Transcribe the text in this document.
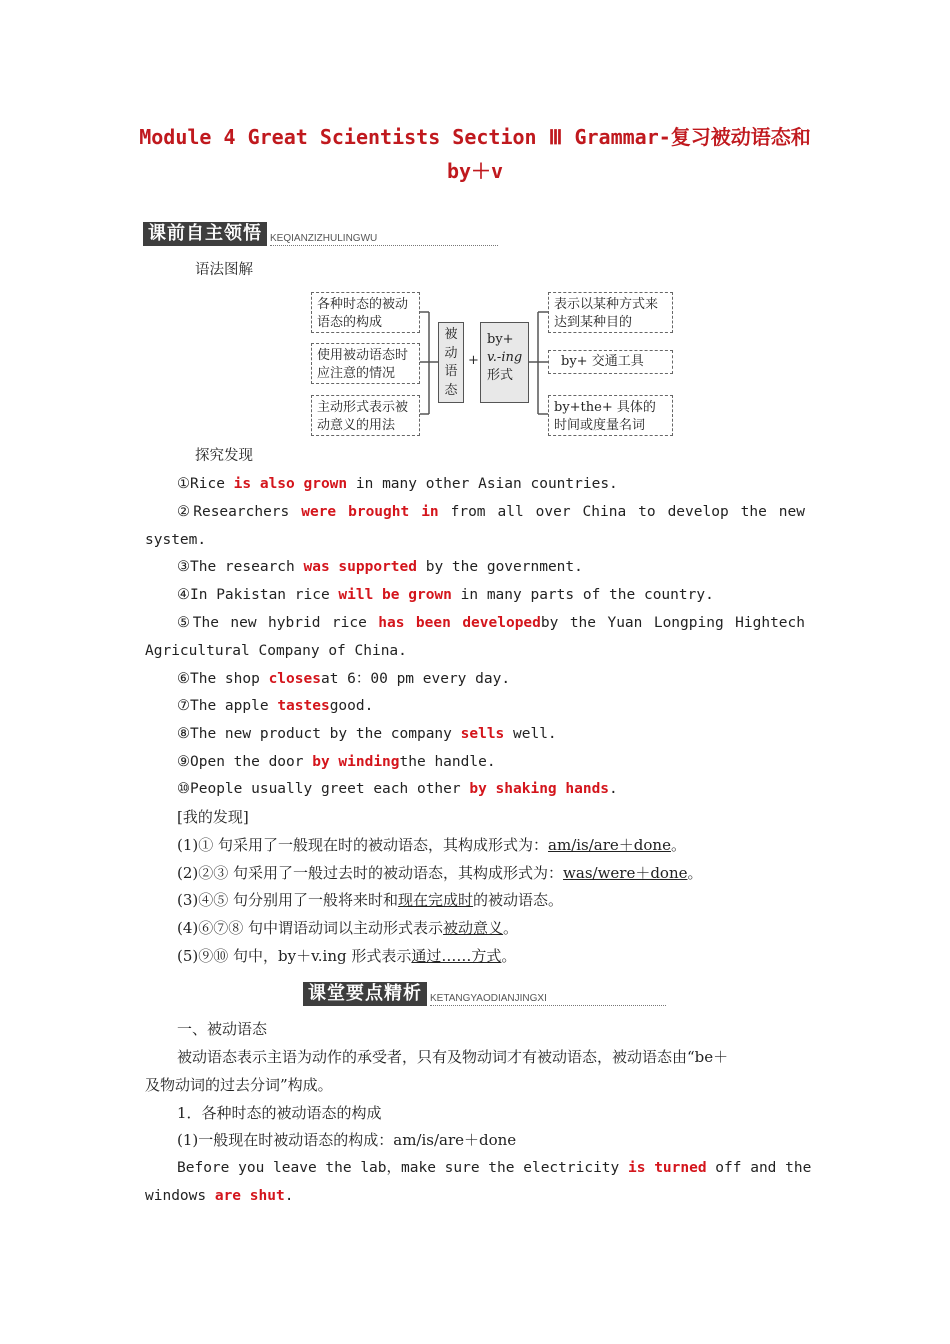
Module 4 Great Scientists Section Ⅲ Grammar-复习被动语态和
by＋v
课前自主领悟 KEQIANZIZHULINGWU
语法图解
各种时态的被动语态的构成
使用被动语态时应注意的情况
主动形式表示被动意义的用法
被动语态
+
by+
v.-ing
形式
表示以某种方式来达到某种目的
by+ 交通工具
by+the+ 具体的时间或度量名词
探究发现
①Rice is also grown in many other Asian countries.
②Researchers were brought in from all over China to develop the new
system.
③The research was supported by the government.
④In Pakistan rice will be grown in many parts of the country.
⑤The new hybrid rice has been developedby the Yuan Longping Hightech
Agricultural Company of China.
⑥The shop closesat 6：00 pm every day.
⑦The apple tastesgood.
⑧The new product by the company sells well.
⑨Open the door by windingthe handle.
⑩People usually greet each other by shaking hands.
[我的发现]
(1)① 句采用了一般现在时的被动语态，其构成形式为：am/is/are＋done。
(2)②③ 句采用了一般过去时的被动语态，其构成形式为：was/were＋done。
(3)④⑤ 句分别用了一般将来时和现在完成时的被动语态。
(4)⑥⑦⑧ 句中谓语动词以主动形式表示被动意义。
(5)⑨⑩ 句中，by＋v.ing 形式表示通过……方式。
课堂要点精析 KETANGYAODIANJINGXI
一、被动语态
被动语态表示主语为动作的承受者，只有及物动词才有被动语态，被动语态由“be＋
及物动词的过去分词”构成。
1．各种时态的被动语态的构成
(1)一般现在时被动语态的构成：am/is/are＋done
Before you leave the lab，make sure the electricity is turned off and the
windows are shut.
